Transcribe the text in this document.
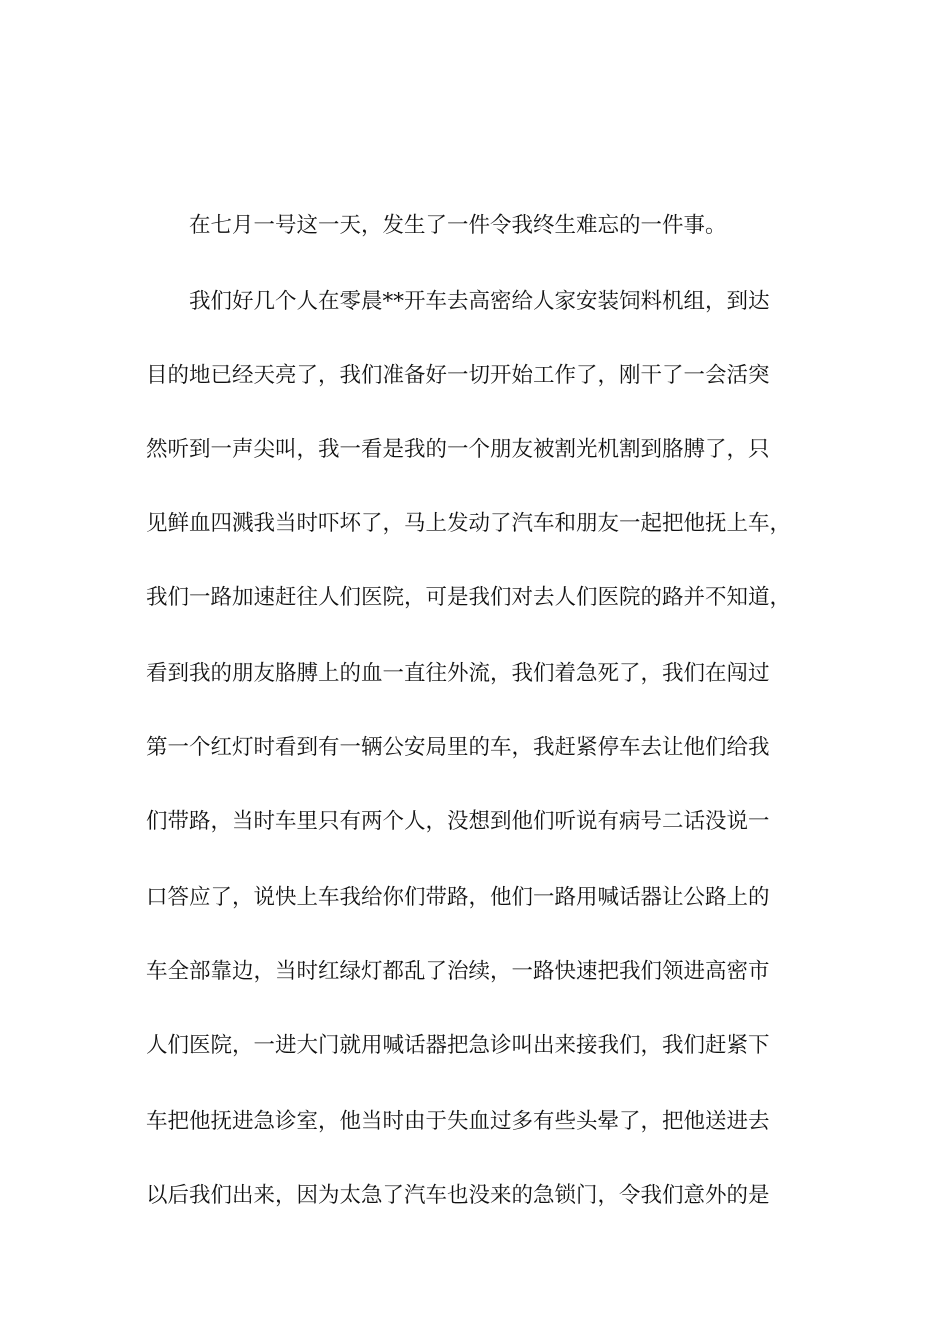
在七月一号这一天，发生了一件令我终生难忘的一件事。
我们好几个人在零晨**开车去高密给人家安装饲料机组，到达
目的地已经天亮了，我们准备好一切开始工作了，刚干了一会活突
然听到一声尖叫，我一看是我的一个朋友被割光机割到胳膊了，只
见鲜血四溅我当时吓坏了，马上发动了汽车和朋友一起把他抚上车，
我们一路加速赶往人们医院，可是我们对去人们医院的路并不知道，
看到我的朋友胳膊上的血一直往外流，我们着急死了，我们在闯过
第一个红灯时看到有一辆公安局里的车，我赶紧停车去让他们给我
们带路，当时车里只有两个人，没想到他们听说有病号二话没说一
口答应了，说快上车我给你们带路，他们一路用喊话器让公路上的
车全部靠边，当时红绿灯都乱了治续，一路快速把我们领进高密市
人们医院，一进大门就用喊话器把急诊叫出来接我们，我们赶紧下
车把他抚进急诊室，他当时由于失血过多有些头晕了，把他送进去
以后我们出来，因为太急了汽车也没来的急锁门，令我们意外的是
